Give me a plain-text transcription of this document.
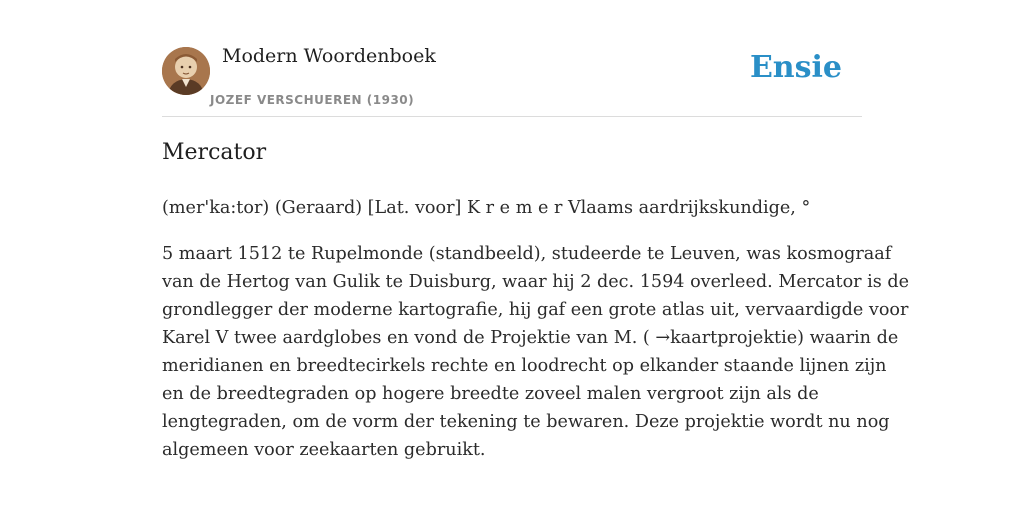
Modern Woordenboek
JOZEF VERSCHUEREN (1930)
Ensie
Mercator
(mer'ka:tor) (Geraard) [Lat. voor] K r e m e r Vlaams aardrijkskundige, °
5 maart 1512 te Rupelmonde (standbeeld), studeerde te Leuven, was kosmograaf
van de Hertog van Gulik te Duisburg, waar hij 2 dec. 1594 overleed. Mercator is de
grondlegger der moderne kartografie, hij gaf een grote atlas uit, vervaardigde voor
Karel V twee aardglobes en vond de Projektie van M. ( →kaartprojektie) waarin de
meridianen en breedtecirkels rechte en loodrecht op elkander staande lijnen zijn
en de breedtegraden op hogere breedte zoveel malen vergroot zijn als de
lengtegraden, om de vorm der tekening te bewaren. Deze projektie wordt nu nog
algemeen voor zeekaarten gebruikt.
